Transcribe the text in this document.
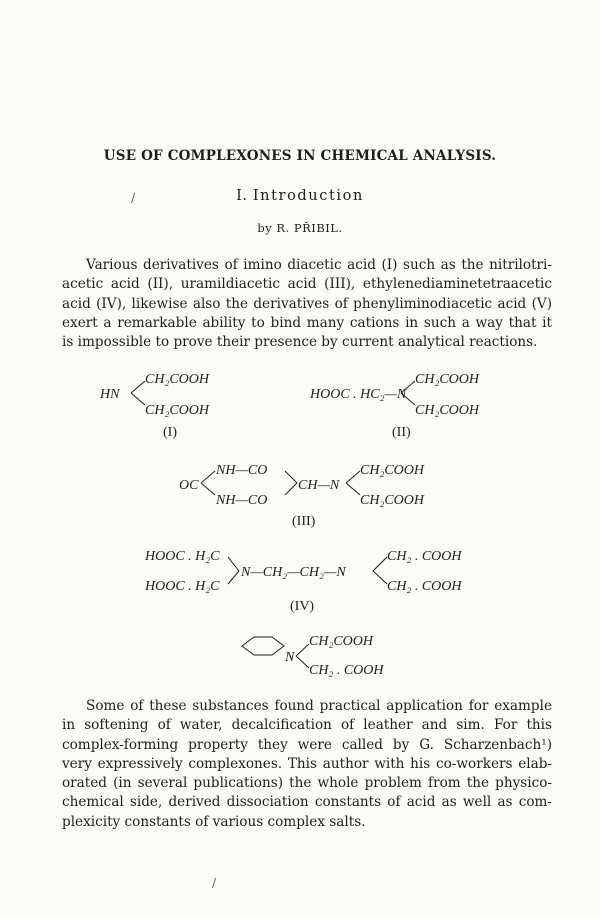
USE OF COMPLEXONES IN CHEMICAL ANALYSIS.
I. Introduction
by R. PŘIBIL.
/
Various derivatives of imino diacetic acid (I) such as the nitrilotri-
acetic acid (II), uramildiacetic acid (III), ethylenediaminetetraacetic
acid (IV), likewise also the derivatives of phenyliminodiacetic acid (V)
exert a remarkable ability to bind many cations in such a way that it
is impossible to prove their presence by current analytical reactions.
HN
CH₂COOH
CH₂COOH
(I)
HOOC . HC₂—N
CH₂COOH
CH₂COOH
(II)
OC
NH—CO
NH—CO
CH—N
CH₂COOH
CH₂COOH
(III)
HOOC . H₂C
HOOC . H₂C
N—CH₂—CH₂—N
CH₂ . COOH
CH₂ . COOH
(IV)
N
CH₂COOH
CH₂ . COOH
Some of these substances found practical application for example
in softening of water, decalcification of leather and sim. For this
complex-forming property they were called by G. Scharzenbach¹)
very expressively complexones. This author with his co-workers elab-
orated (in several publications) the whole problem from the physico-
chemical side, derived dissociation constants of acid as well as com-
plexicity constants of various complex salts.
/
